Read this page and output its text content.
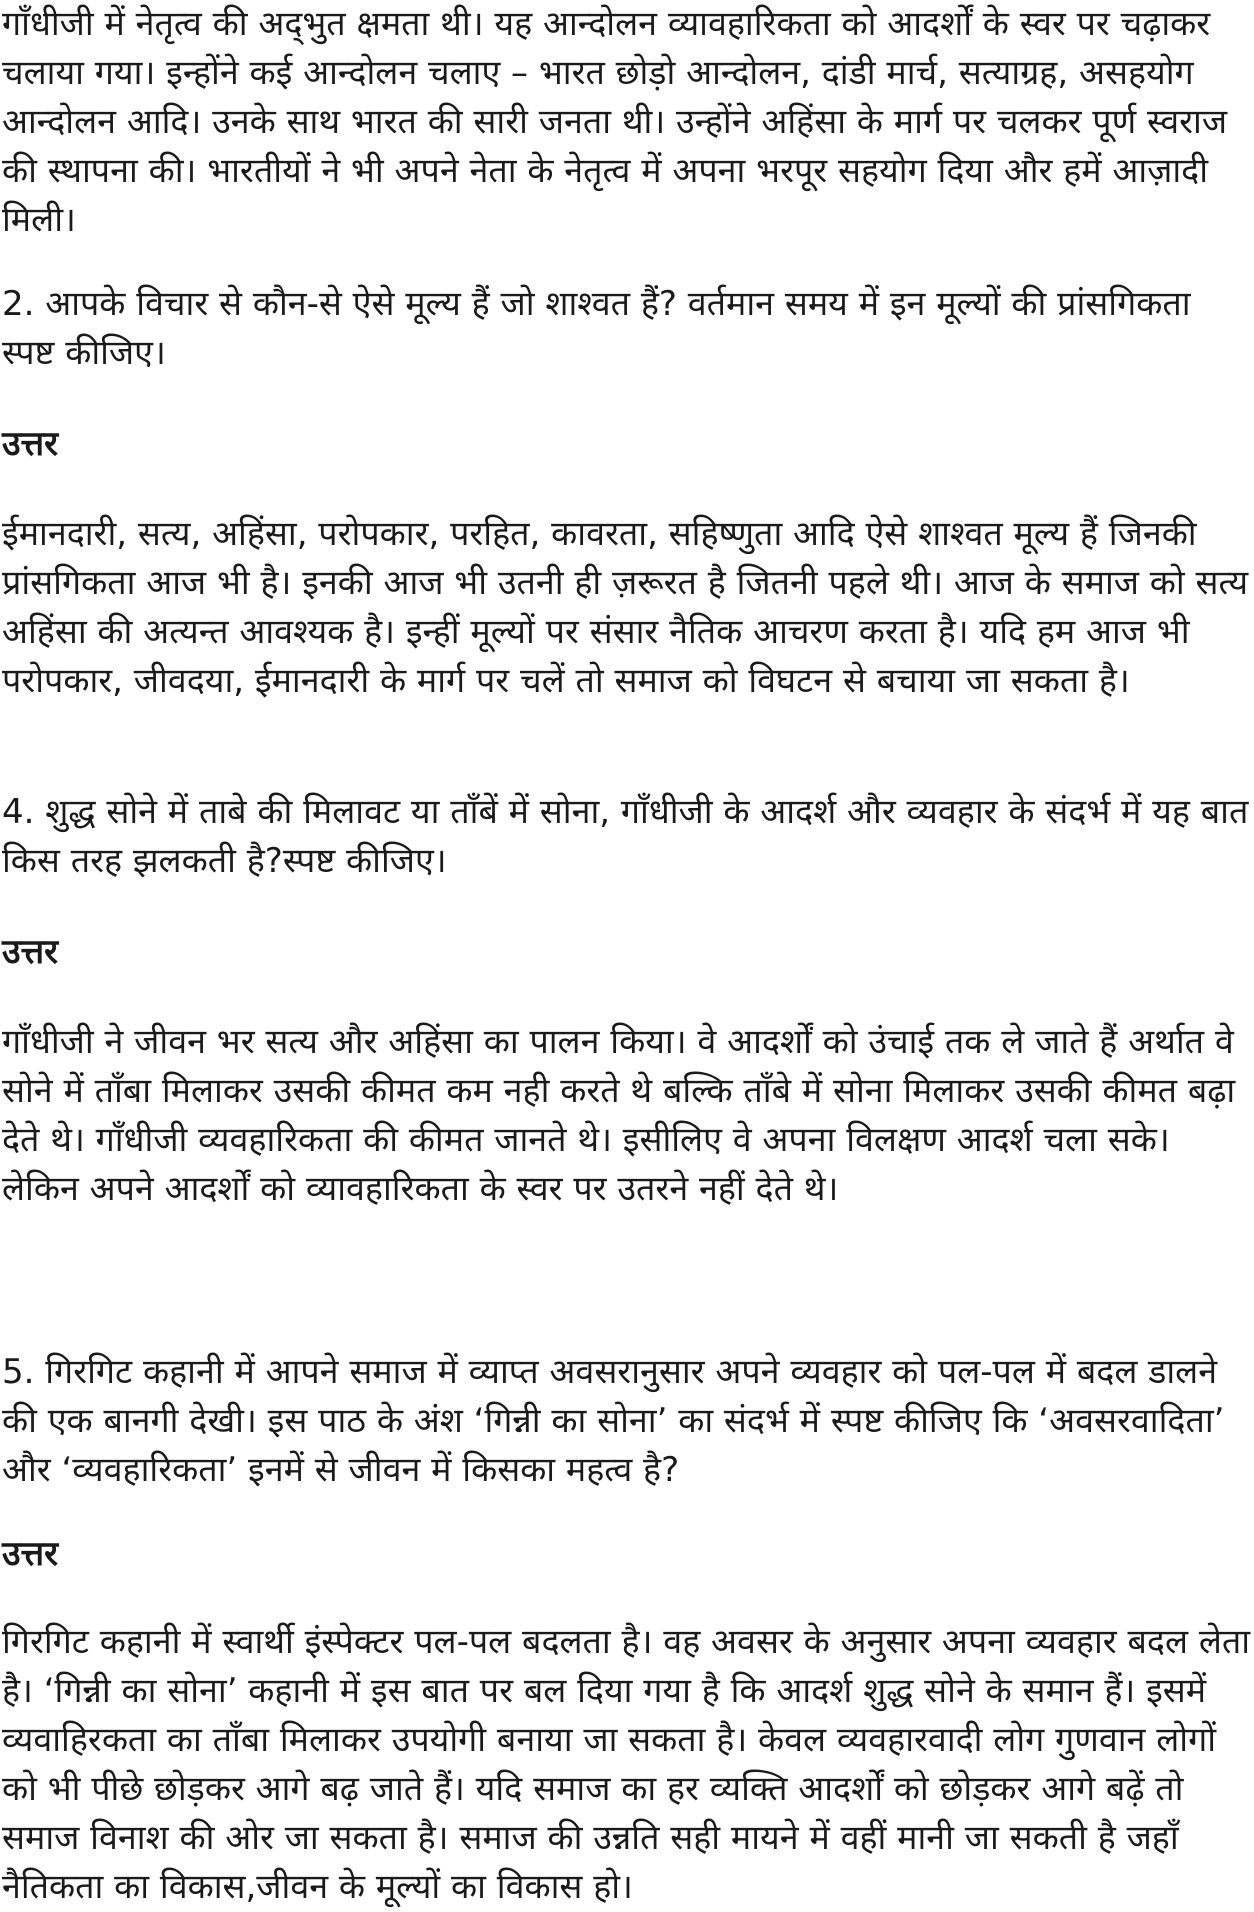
गाँधीजी में नेतृत्व की अद्‌भुत क्षमता थी। यह आन्दोलन व्यावहारिकता को आदर्शों के स्वर पर चढ़ाकर चलाया गया। इन्होंने कई आन्दोलन चलाए – भारत छोड़ो आन्दोलन, दांडी मार्च, सत्याग्रह, असहयोग आन्दोलन आदि। उनके साथ भारत की सारी जनता थी। उन्होंने अहिंसा के मार्ग पर चलकर पूर्ण स्वराज की स्थापना की। भारतीयों ने भी अपने नेता के नेतृत्व में अपना भरपूर सहयोग दिया और हमें आज़ादी मिली।

2. आपके विचार से कौन-से ऐसे मूल्य हैं जो शाश्वत हैं? वर्तमान समय में इन मूल्यों की प्रांसगिकता स्पष्ट कीजिए।

उत्तर

ईमानदारी, सत्य, अहिंसा, परोपकार, परहित, कावरता, सहिष्णुता आदि ऐसे शाश्वत मूल्य हैं जिनकी प्रांसगिकता आज भी है। इनकी आज भी उतनी ही ज़रूरत है जितनी पहले थी। आज के समाज को सत्य अहिंसा की अत्यन्त आवश्यक है। इन्हीं मूल्यों पर संसार नैतिक आचरण करता है। यदि हम आज भी परोपकार, जीवदया, ईमानदारी के मार्ग पर चलें तो समाज को विघटन से बचाया जा सकता है।

4. शुद्ध सोने में ताबे की मिलावट या ताँबें में सोना, गाँधीजी के आदर्श और व्यवहार के संदर्भ में यह बात किस तरह झलकती है?स्पष्ट कीजिए।

उत्तर

गाँधीजी ने जीवन भर सत्य और अहिंसा का पालन किया। वे आदर्शों को उंचाई तक ले जाते हैं अर्थात वे सोने में ताँबा मिलाकर उसकी कीमत कम नही करते थे बल्कि ताँबे में सोना मिलाकर उसकी कीमत बढ़ा देते थे। गाँधीजी व्यवहारिकता की कीमत जानते थे। इसीलिए वे अपना विलक्षण आदर्श चला सके। लेकिन अपने आदर्शों को व्यावहारिकता के स्वर पर उतरने नहीं देते थे।

5. गिरगिट कहानी में आपने समाज में व्याप्त अवसरानुसार अपने व्यवहार को पल-पल में बदल डालने की एक बानगी देखी। इस पाठ के अंश ‘गिन्नी का सोना’ का संदर्भ में स्पष्ट कीजिए कि ‘अवसरवादिता’ और ‘व्यवहारिकता’ इनमें से जीवन में किसका महत्व है?

उत्तर

गिरगिट कहानी में स्वार्थी इंस्पेक्टर पल-पल बदलता है। वह अवसर के अनुसार अपना व्यवहार बदल लेता है। ‘गिन्नी का सोना’ कहानी में इस बात पर बल दिया गया है कि आदर्श शुद्ध सोने के समान हैं। इसमें व्यवाहिरकता का ताँबा मिलाकर उपयोगी बनाया जा सकता है। केवल व्यवहारवादी लोग गुणवान लोगों को भी पीछे छोड़कर आगे बढ़ जाते हैं। यदि समाज का हर व्यक्ति आदर्शों को छोड़कर आगे बढ़ें तो समाज विनाश की ओर जा सकता है। समाज की उन्नति सही मायने में वहीं मानी जा सकती है जहाँ नैतिकता का विकास,जीवन के मूल्यों का विकास हो।
